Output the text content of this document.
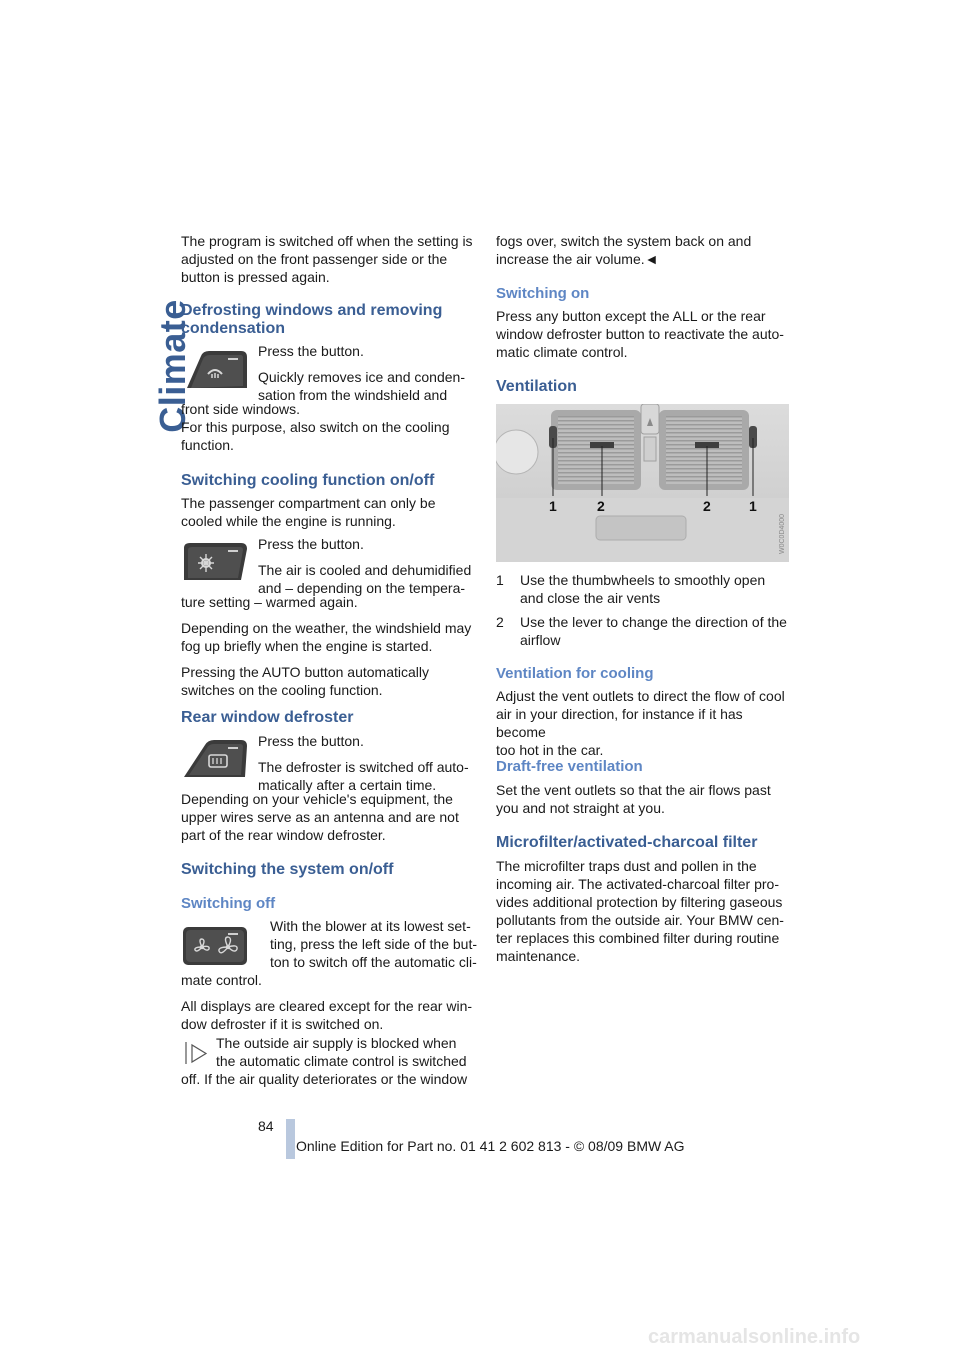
Climate

The program is switched off when the setting is adjusted on the front passenger side or the button is pressed again.

Defrosting windows and removing
condensation

Press the button.

Quickly removes ice and conden-

sation from the windshield and

front side windows.

For this purpose, also switch on the cooling

function.

Switching cooling function on/off

The passenger compartment can only be

cooled while the engine is running.

Press the button.

The air is cooled and dehumidified

and – depending on the tempera-

ture setting – warmed again.

Depending on the weather, the windshield may

fog up briefly when the engine is started.

Pressing the AUTO button automatically

switches on the cooling function.

Rear window defroster

Press the button.

The defroster is switched off auto-

matically after a certain time.

Depending on your vehicle's equipment, the

upper wires serve as an antenna and are not

part of the rear window defroster.

Switching the system on/off
Switching off

With the blower at its lowest set-

ting, press the left side of the but-

ton to switch off the automatic cli-

mate control.

All displays are cleared except for the rear win-

dow defroster if it is switched on.

The outside air supply is blocked when

the automatic climate control is switched

off. If the air quality deteriorates or the window

fogs over, switch the system back on and

increase the air volume.◄

Switching on

Press any button except the ALL or the rear

window defroster button to reactivate the auto-

matic climate control.

Ventilation
1	2	2	1
W0C0D4000
1 Use the thumbwheels to smoothly open

and close the air vents

2 Use the lever to change the direction of the

airflow

Ventilation for cooling

Adjust the vent outlets to direct the flow of cool

air in your direction, for instance if it has become

too hot in the car.

Draft-free ventilation

Set the vent outlets so that the air flows past

you and not straight at you.

Microfilter/activated-charcoal filter

The microfilter traps dust and pollen in the

incoming air. The activated-charcoal filter pro-

vides additional protection by filtering gaseous

pollutants from the outside air. Your BMW cen-

ter replaces this combined filter during routine

maintenance.

84
Online Edition for Part no. 01 41 2 602 813 - © 08/09 BMW AG
carmanualsonline.info
